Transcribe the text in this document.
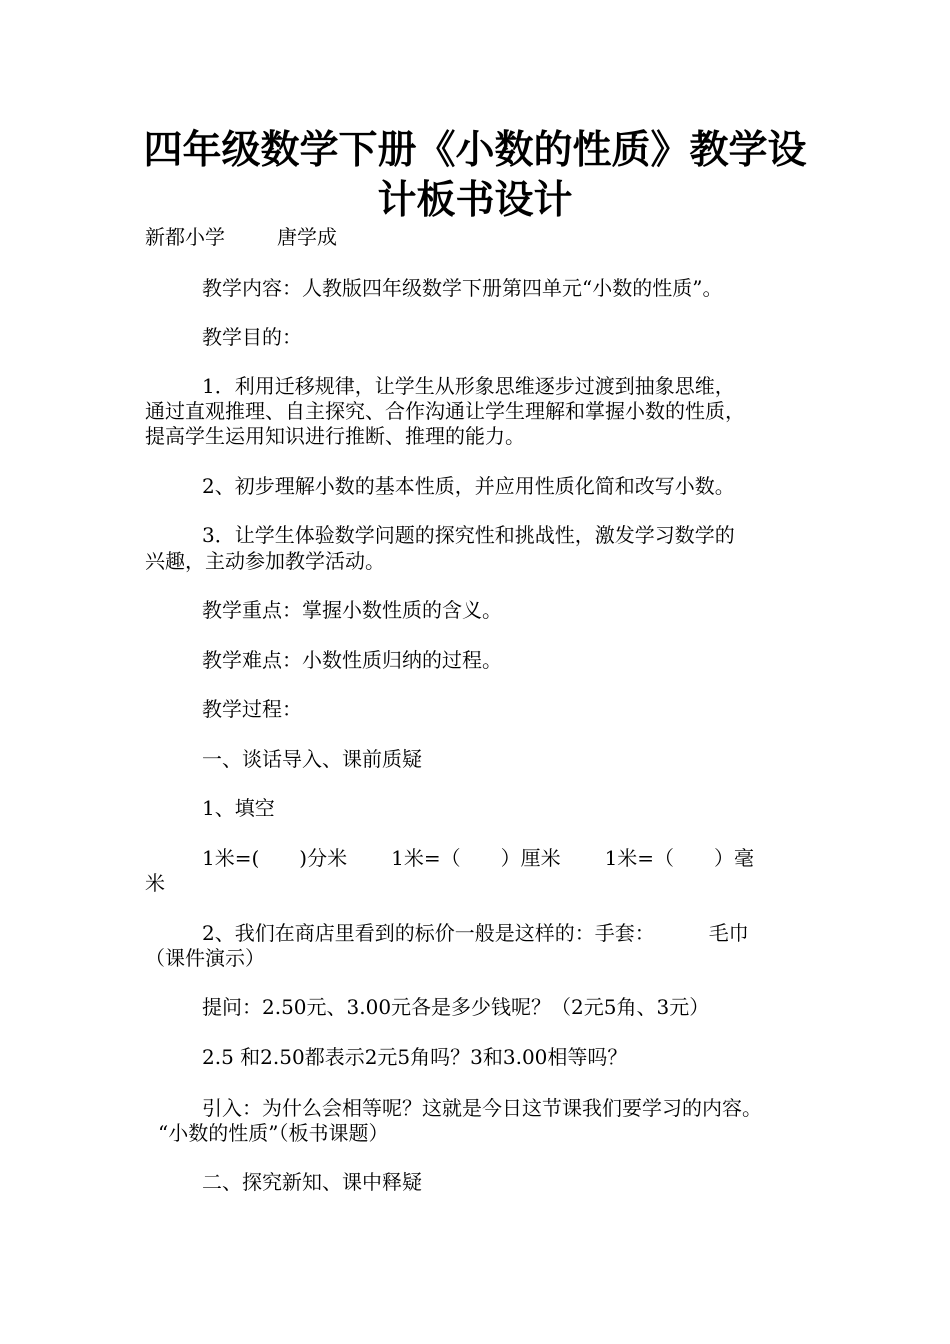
四年级数学下册《小数的性质》教学设
计板书设计
新都小学	唐学成

教学内容：人教版四年级数学下册第四单元“小数的性质”。

教学目的：

1．利用迁移规律，让学生从形象思维逐步过渡到抽象思维，

通过直观推理、自主探究、合作沟通让学生理解和掌握小数的性质，

提高学生运用知识进行推断、推理的能力。

2、初步理解小数的基本性质，并应用性质化简和改写小数。

3．让学生体验数学问题的探究性和挑战性，激发学习数学的

兴趣，主动参加教学活动。

教学重点：掌握小数性质的含义。

教学难点：小数性质归纳的过程。

教学过程：

一、谈话导入、课前质疑

1、填空

1米=(　　)分米 1米=（　　）厘米 1米=（　　）毫

米

2、我们在商店里看到的标价一般是这样的：手套：	毛巾

（课件演示）

提问：2.50元、3.00元各是多少钱呢？（2元5角、3元）

2.5 和2.50都表示2元5角吗？3和3.00相等吗？

引入：为什么会相等呢？这就是今日这节课我们要学习的内容。

“小数的性质”（板书课题）

二、探究新知、课中释疑
